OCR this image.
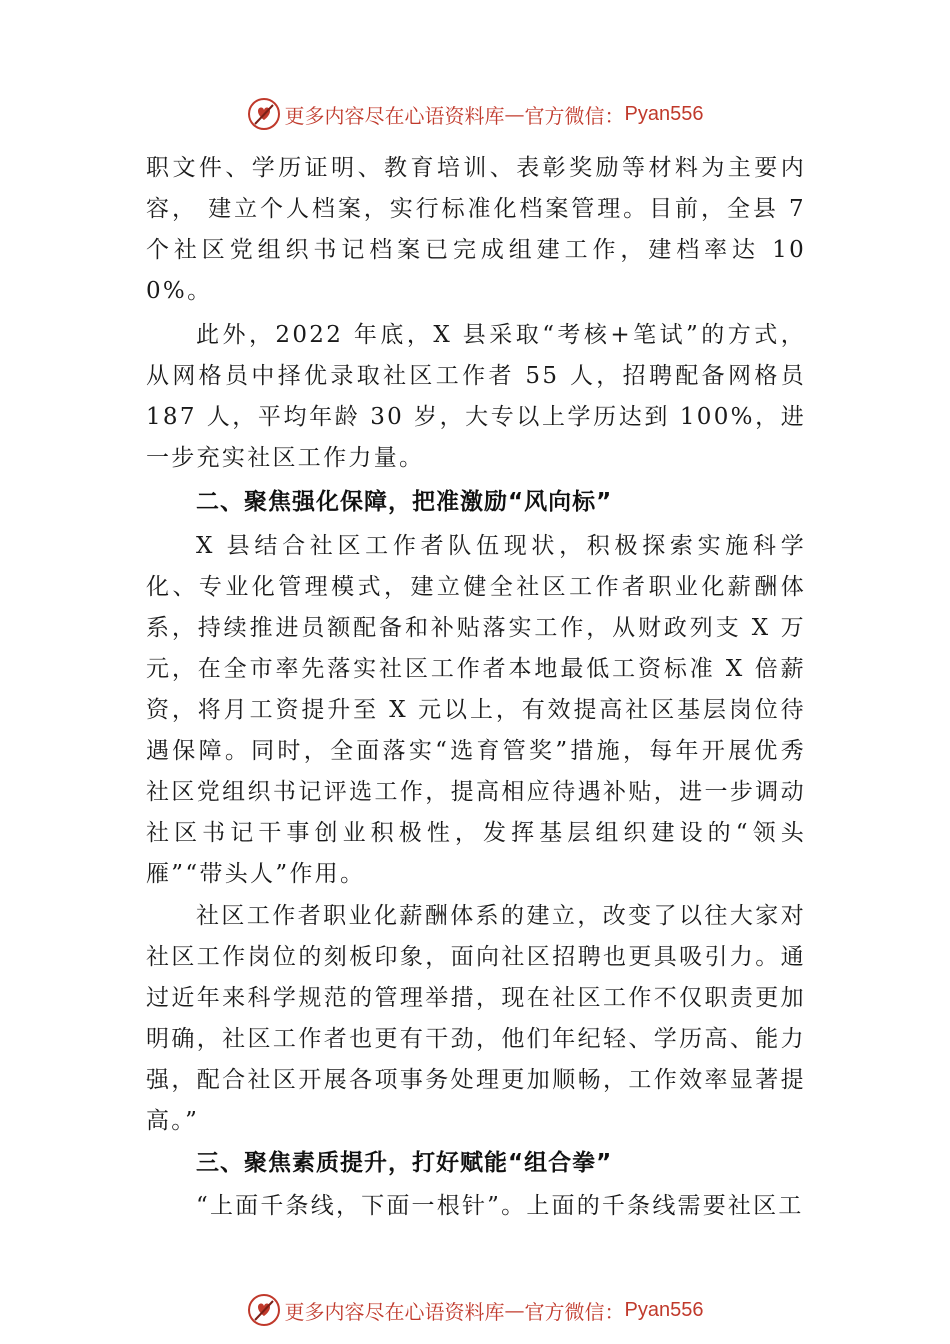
更多内容尽在心语资料库 — 官方微信： Pyan556

职文件、学历证明、教育培训、表彰奖励等材料为主要内容， 建立个人档案，实行标准化档案管理。目前，全县 7 个社区党组织书记档案已完成组建工作，建档率达 100%。

此外，2022 年底，X 县采取“考核+笔试”的方式，从网格员中择优录取社区工作者 55 人，招聘配备网格员 187 人，平均年龄 30 岁，大专以上学历达到 100%，进一步充实社区工作力量。

二、聚焦强化保障，把准激励“风向标”

X 县结合社区工作者队伍现状，积极探索实施科学化、专业化管理模式，建立健全社区工作者职业化薪酬体系，持续推进员额配备和补贴落实工作，从财政列支 X 万元，在全市率先落实社区工作者本地最低工资标准 X 倍薪资，将月工资提升至 X 元以上，有效提高社区基层岗位待遇保障。同时，全面落实“选育管奖”措施，每年开展优秀社区党组织书记评选工作，提高相应待遇补贴，进一步调动社区书记干事创业积极性，发挥基层组织建设的“领头雁”“带头人”作用。

社区工作者职业化薪酬体系的建立，改变了以往大家对社区工作岗位的刻板印象，面向社区招聘也更具吸引力。通过近年来科学规范的管理举措，现在社区工作不仅职责更加明确，社区工作者也更有干劲，他们年纪轻、学历高、能力强，配合社区开展各项事务处理更加顺畅，工作效率显著提高。”

三、聚焦素质提升，打好赋能“组合拳”

“上面千条线，下面一根针”。上面的千条线需要社区工

更多内容尽在心语资料库 — 官方微信： Pyan556
